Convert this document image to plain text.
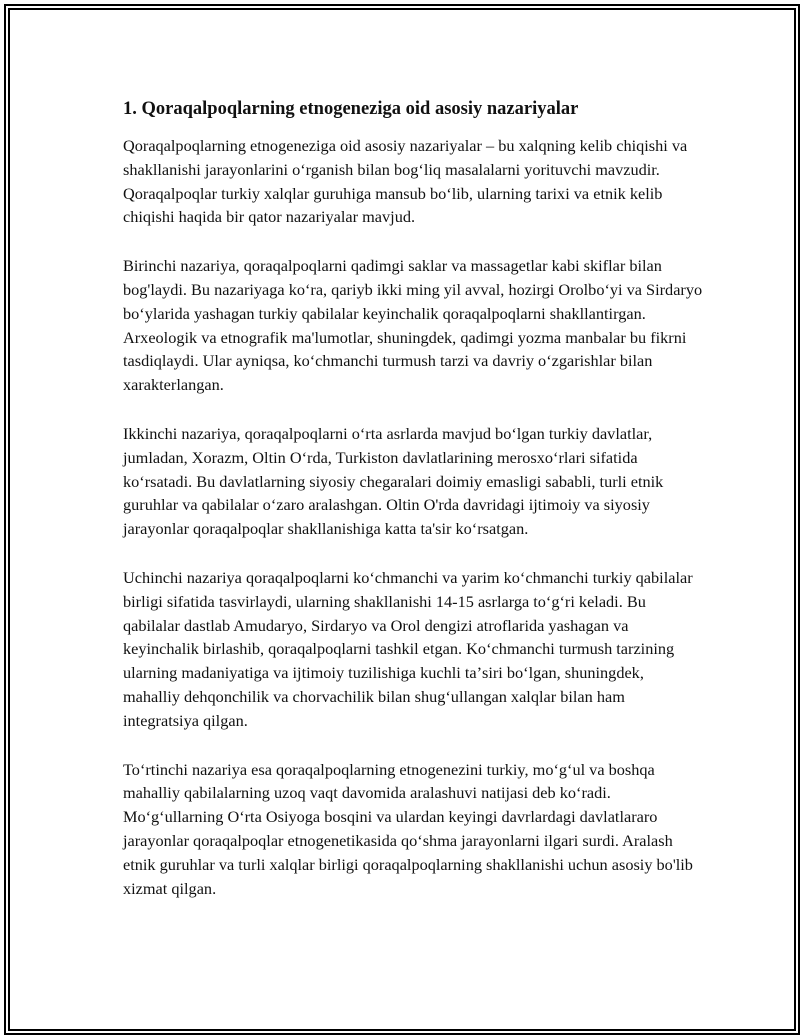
1. Qoraqalpoqlarning etnogeneziga oid asosiy nazariyalar

Qoraqalpoqlarning etnogeneziga oid asosiy nazariyalar – bu xalqning kelib chiqishi va shakllanishi jarayonlarini oʻrganish bilan bogʻliq masalalarni yorituvchi mavzudir. Qoraqalpoqlar turkiy xalqlar guruhiga mansub boʻlib, ularning tarixi va etnik kelib chiqishi haqida bir qator nazariyalar mavjud.

Birinchi nazariya, qoraqalpoqlarni qadimgi saklar va massagetlar kabi skiflar bilan bog'laydi. Bu nazariyaga koʻra, qariyb ikki ming yil avval, hozirgi Orolboʻyi va Sirdaryo boʻylarida yashagan turkiy qabilalar keyinchalik qoraqalpoqlarni shakllantirgan. Arxeologik va etnografik ma'lumotlar, shuningdek, qadimgi yozma manbalar bu fikrni tasdiqlaydi. Ular ayniqsa, koʻchmanchi turmush tarzi va davriy oʻzgarishlar bilan xarakterlangan.

Ikkinchi nazariya, qoraqalpoqlarni oʻrta asrlarda mavjud boʻlgan turkiy davlatlar, jumladan, Xorazm, Oltin Oʻrda, Turkiston davlatlarining merosxoʻrlari sifatida koʻrsatadi. Bu davlatlarning siyosiy chegaralari doimiy emasligi sababli, turli etnik guruhlar va qabilalar oʻzaro aralashgan. Oltin O'rda davridagi ijtimoiy va siyosiy jarayonlar qoraqalpoqlar shakllanishiga katta ta'sir koʻrsatgan.

Uchinchi nazariya qoraqalpoqlarni koʻchmanchi va yarim koʻchmanchi turkiy qabilalar birligi sifatida tasvirlaydi, ularning shakllanishi 14-15 asrlarga toʻgʻri keladi. Bu qabilalar dastlab Amudaryo, Sirdaryo va Orol dengizi atroflarida yashagan va keyinchalik birlashib, qoraqalpoqlarni tashkil etgan. Koʻchmanchi turmush tarzining ularning madaniyatiga va ijtimoiy tuzilishiga kuchli taʼsiri boʻlgan, shuningdek, mahalliy dehqonchilik va chorvachilik bilan shugʻullangan xalqlar bilan ham integratsiya qilgan.

Toʻrtinchi nazariya esa qoraqalpoqlarning etnogenezini turkiy, moʻgʻul va boshqa mahalliy qabilalarning uzoq vaqt davomida aralashuvi natijasi deb koʻradi. Moʻgʻullarning Oʻrta Osiyoga bosqini va ulardan keyingi davrlardagi davlatlararo jarayonlar qoraqalpoqlar etnogenetikasida qoʻshma jarayonlarni ilgari surdi. Aralash etnik guruhlar va turli xalqlar birligi qoraqalpoqlarning shakllanishi uchun asosiy bo'lib xizmat qilgan.
